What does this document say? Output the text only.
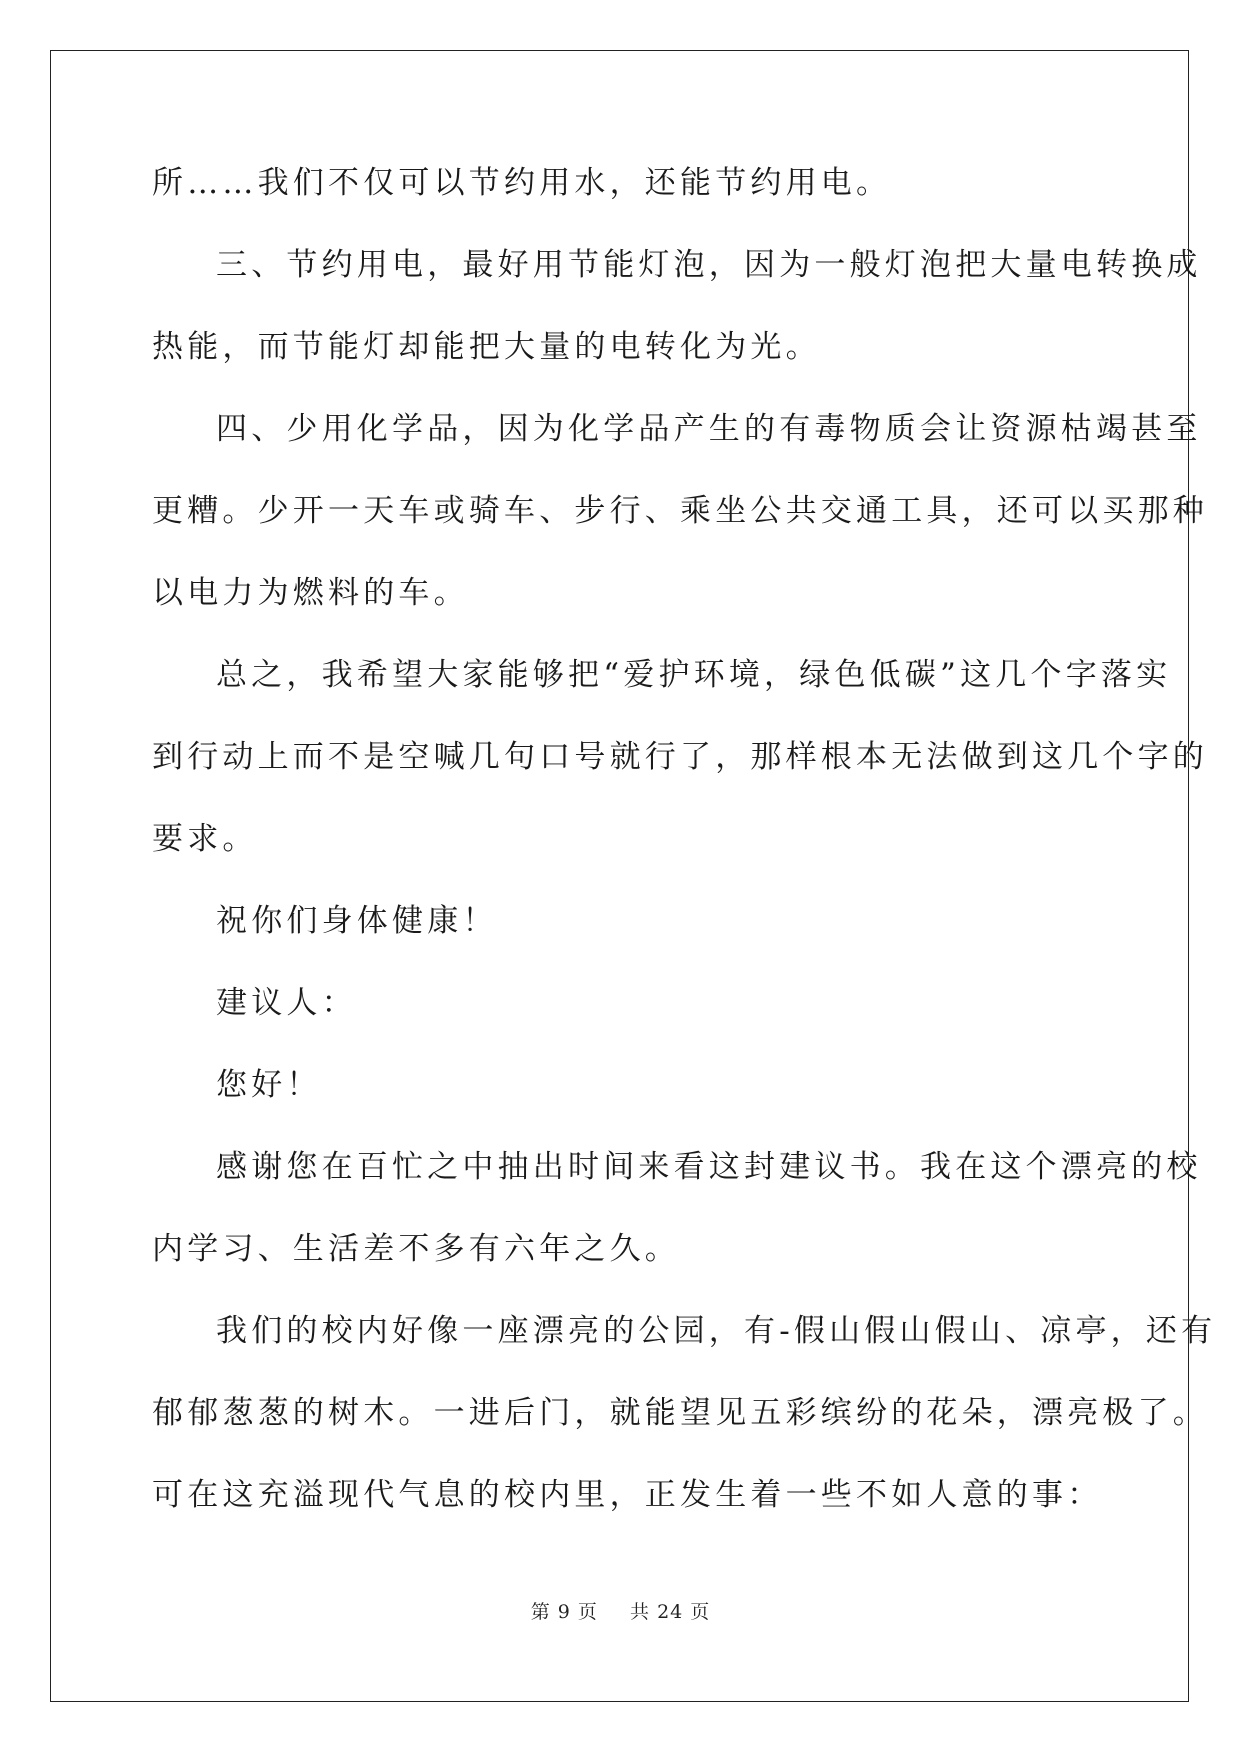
所……我们不仅可以节约用水，还能节约用电。
三、节约用电，最好用节能灯泡，因为一般灯泡把大量电转换成
热能，而节能灯却能把大量的电转化为光。
四、少用化学品，因为化学品产生的有毒物质会让资源枯竭甚至
更糟。少开一天车或骑车、步行、乘坐公共交通工具，还可以买那种
以电力为燃料的车。
总之，我希望大家能够把“爱护环境，绿色低碳”这几个字落实
到行动上而不是空喊几句口号就行了，那样根本无法做到这几个字的
要求。
祝你们身体健康！
建议人：
您好！
感谢您在百忙之中抽出时间来看这封建议书。我在这个漂亮的校
内学习、生活差不多有六年之久。
我们的校内好像一座漂亮的公园，有-假山假山假山、凉亭，还有
郁郁葱葱的树木。一进后门，就能望见五彩缤纷的花朵，漂亮极了。
可在这充溢现代气息的校内里，正发生着一些不如人意的事：
第 9 页 共 24 页
